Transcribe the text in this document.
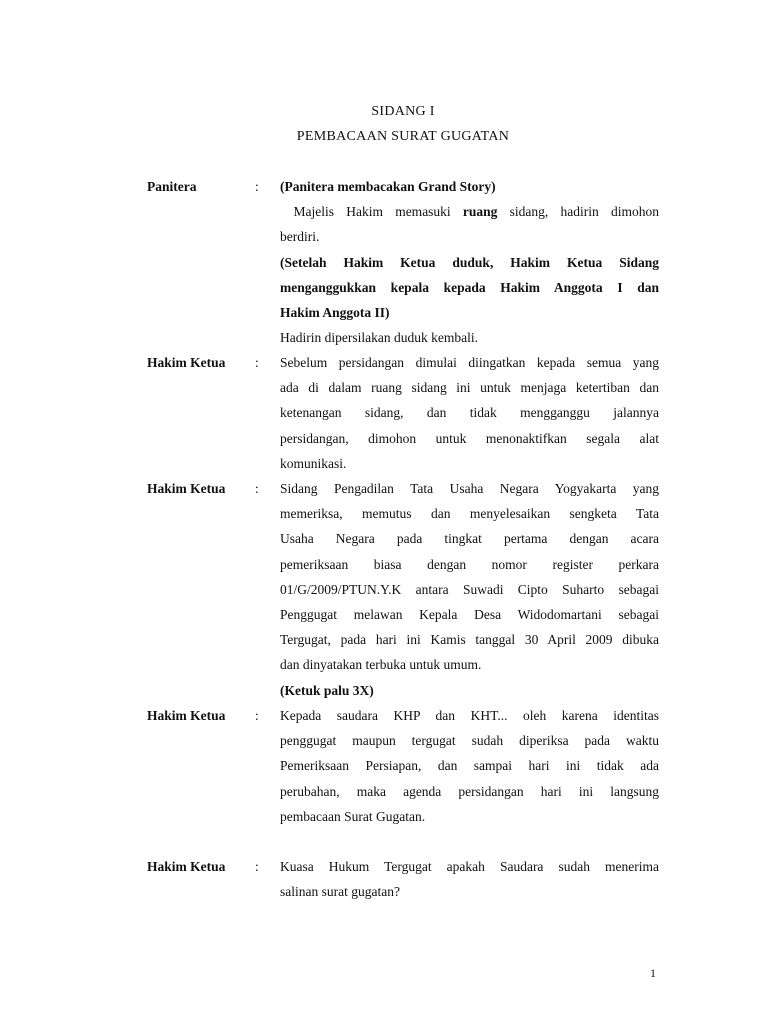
SIDANG I
PEMBACAAN SURAT GUGATAN
Panitera	: (Panitera membacakan Grand Story)
 Majelis Hakim memasuki ruang sidang, hadirin dimohon
berdiri.
(Setelah Hakim Ketua duduk, Hakim Ketua Sidang
menganggukkan kepala kepada Hakim Anggota I dan
Hakim Anggota II)
Hadirin dipersilakan duduk kembali.
Hakim Ketua : Sebelum persidangan dimulai diingatkan kepada semua yang
ada di dalam ruang sidang ini untuk menjaga ketertiban dan
ketenangan sidang, dan tidak mengganggu jalannya
persidangan, dimohon untuk menonaktifkan segala alat
komunikasi.
Hakim Ketua : Sidang Pengadilan Tata Usaha Negara Yogyakarta yang
memeriksa, memutus dan menyelesaikan sengketa Tata
Usaha Negara pada tingkat pertama dengan acara
pemeriksaan biasa dengan nomor register perkara
01/G/2009/PTUN.Y.K antara Suwadi Cipto Suharto sebagai
Penggugat melawan Kepala Desa Widodomartani sebagai
Tergugat, pada hari ini Kamis tanggal 30 April 2009 dibuka
dan dinyatakan terbuka untuk umum.
(Ketuk palu 3X)
Hakim Ketua : Kepada saudara KHP dan KHT... oleh karena identitas
penggugat maupun tergugat sudah diperiksa pada waktu
Pemeriksaan Persiapan, dan sampai hari ini tidak ada
perubahan, maka agenda persidangan hari ini langsung
pembacaan Surat Gugatan.
Hakim Ketua : Kuasa Hukum Tergugat apakah Saudara sudah menerima
salinan surat gugatan?
1
